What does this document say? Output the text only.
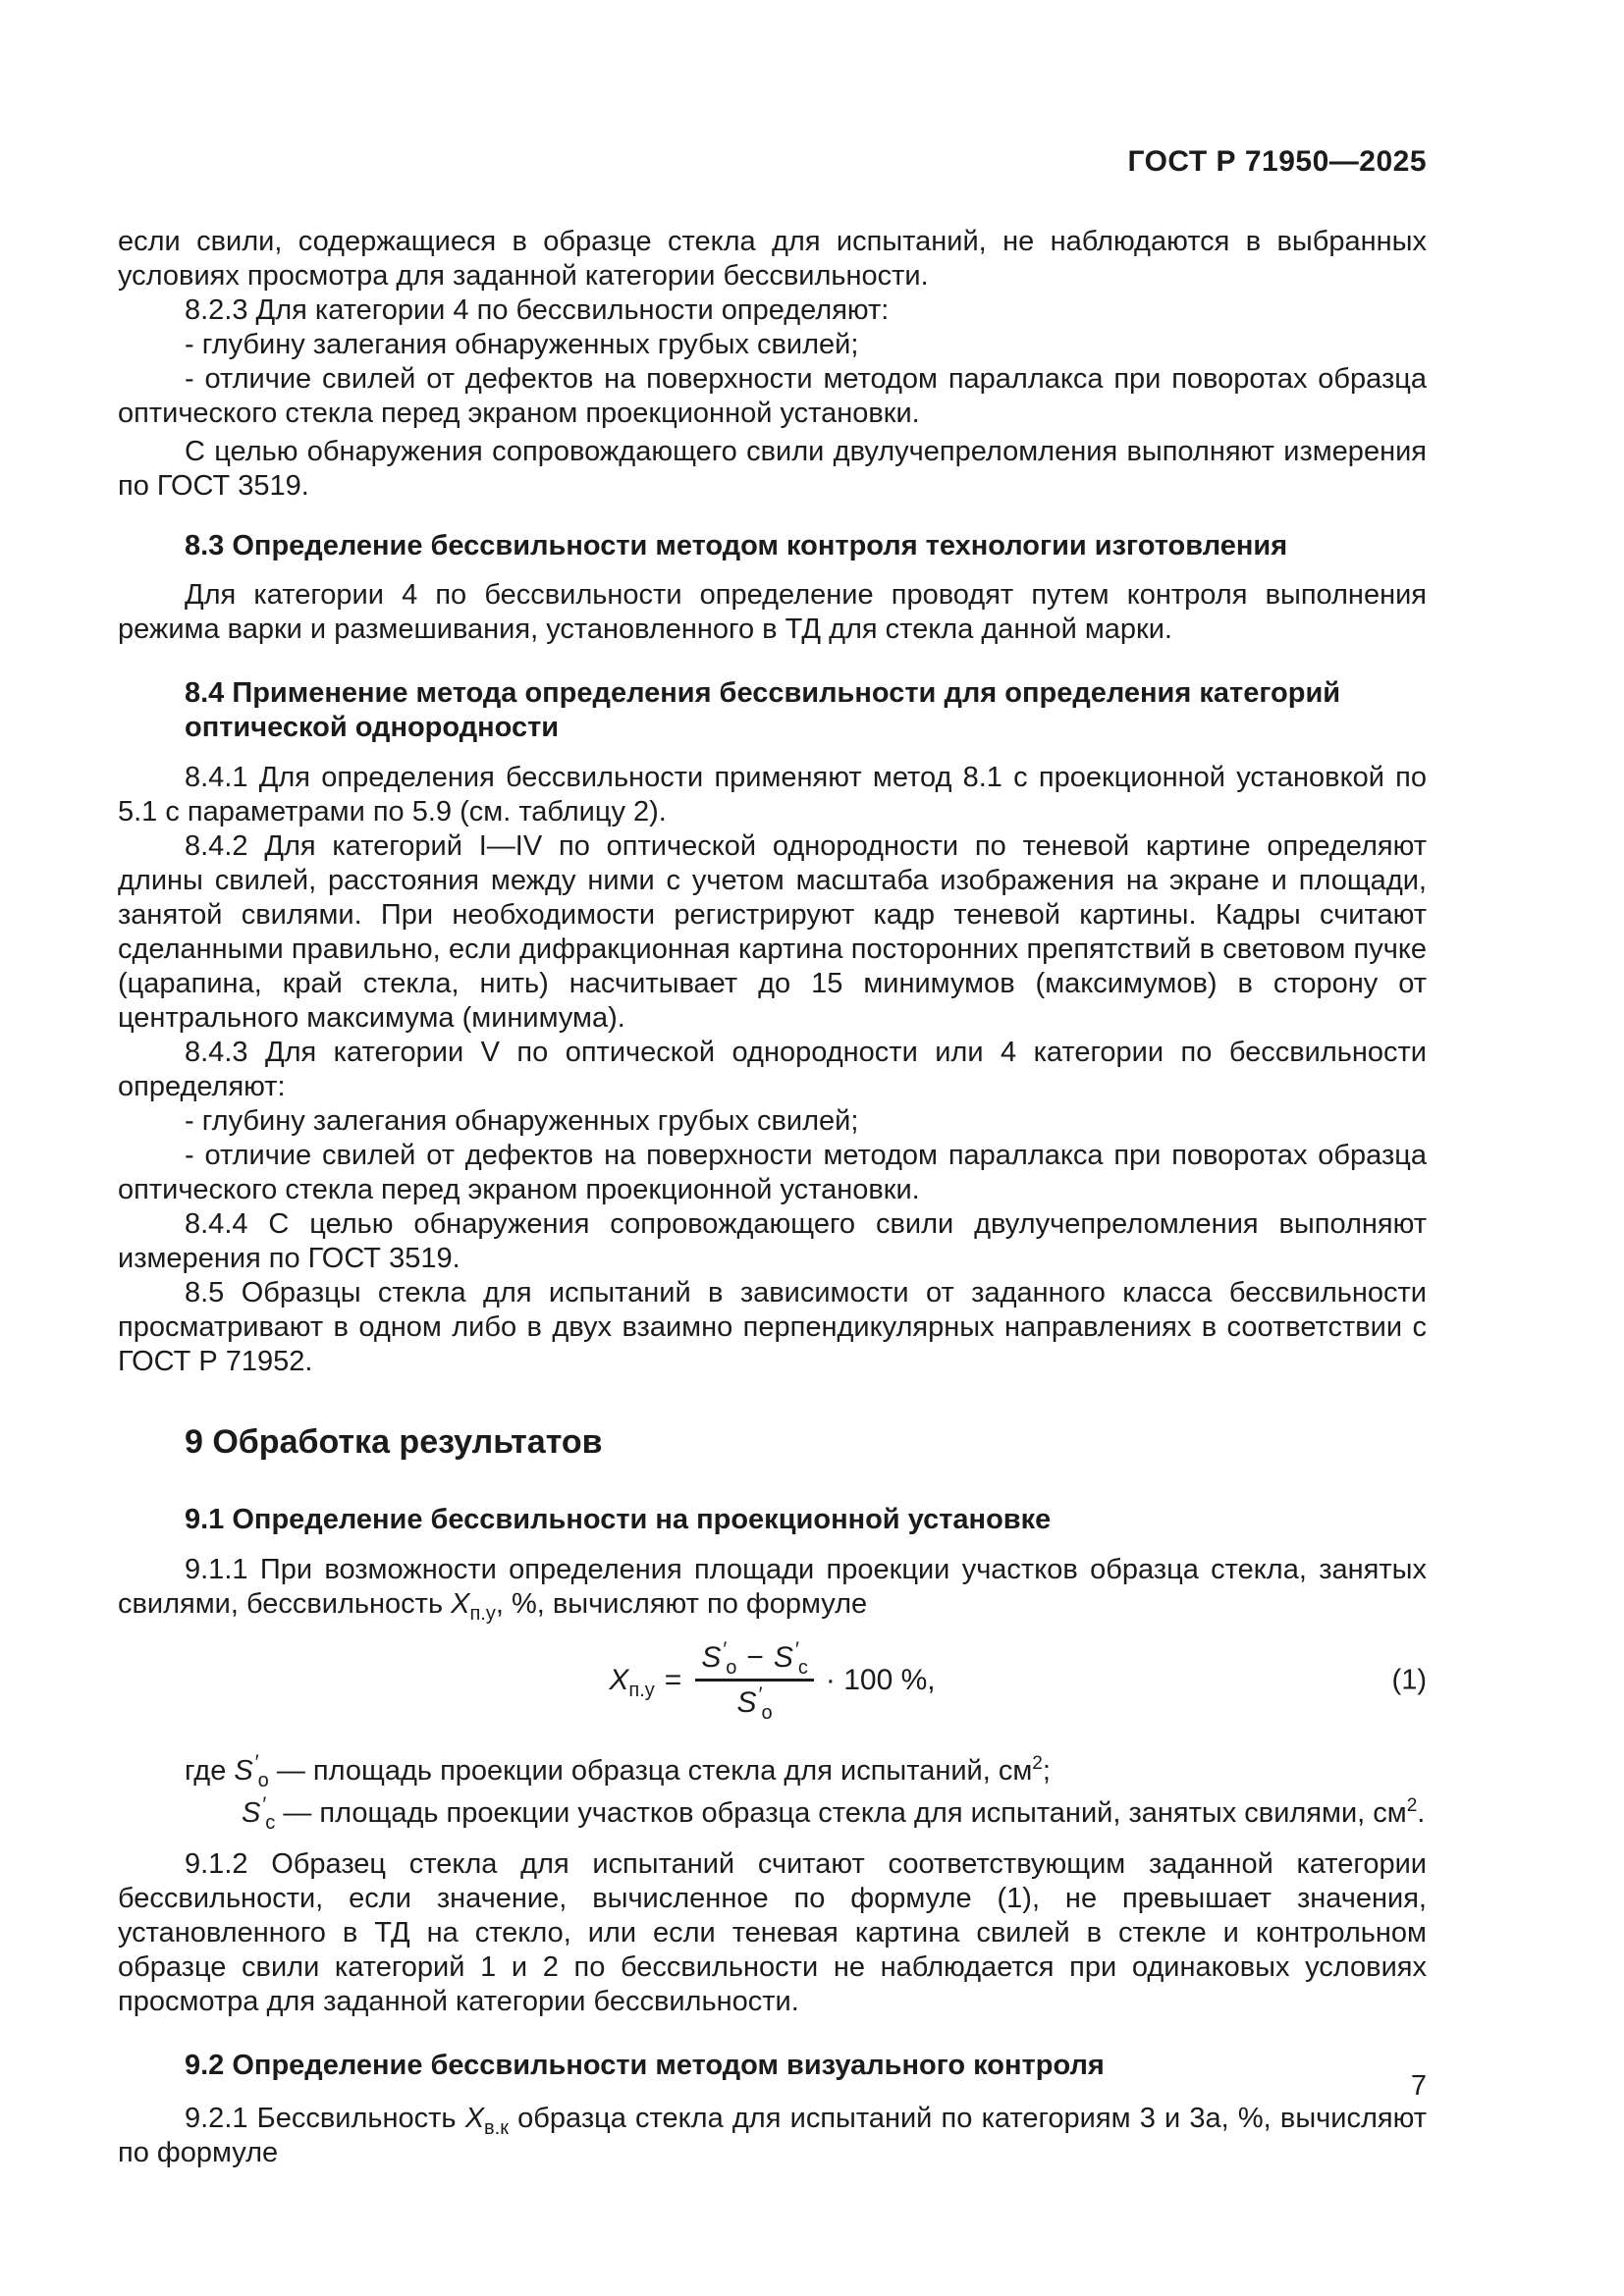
ГОСТ Р 71950—2025

если свили, содержащиеся в образце стекла для испытаний, не наблюдаются в выбранных условиях просмотра для заданной категории бессвильности.

8.2.3 Для категории 4 по бессвильности определяют:

- глубину залегания обнаруженных грубых свилей;

- отличие свилей от дефектов на поверхности методом параллакса при поворотах образца оптического стекла перед экраном проекционной установки.

С целью обнаружения сопровождающего свили двулучепреломления выполняют измерения по ГОСТ 3519.

8.3 Определение бессвильности методом контроля технологии изготовления

Для категории 4 по бессвильности определение проводят путем контроля выполнения режима варки и размешивания, установленного в ТД для стекла данной марки.

8.4 Применение метода определения бессвильности для определения категорий оптической однородности

8.4.1 Для определения бессвильности применяют метод 8.1 с проекционной установкой по 5.1 с параметрами по 5.9 (см. таблицу 2).

8.4.2 Для категорий I—IV по оптической однородности по теневой картине определяют длины свилей, расстояния между ними с учетом масштаба изображения на экране и площади, занятой свилями. При необходимости регистрируют кадр теневой картины. Кадры считают сделанными правильно, если дифракционная картина посторонних препятствий в световом пучке (царапина, край стекла, нить) насчитывает до 15 минимумов (максимумов) в сторону от центрального максимума (минимума).

8.4.3 Для категории V по оптической однородности или 4 категории по бессвильности определяют:

- глубину залегания обнаруженных грубых свилей;

- отличие свилей от дефектов на поверхности методом параллакса при поворотах образца оптического стекла перед экраном проекционной установки.

8.4.4 С целью обнаружения сопровождающего свили двулучепреломления выполняют измерения по ГОСТ 3519.

8.5 Образцы стекла для испытаний в зависимости от заданного класса бессвильности просматривают в одном либо в двух взаимно перпендикулярных направлениях в соответствии с ГОСТ Р 71952.

9 Обработка результатов

9.1 Определение бессвильности на проекционной установке

9.1.1 При возможности определения площади проекции участков образца стекла, занятых свилями, бессвильность $X_{п.у}$, %, вычисляют по формуле

$X_{п.у} = \frac{S'_о - S'_с}{S'_о} \cdot 100$ %,	(1)

где $S'_о$ — площадь проекции образца стекла для испытаний, $см^2$;

$S'_с$ — площадь проекции участков образца стекла для испытаний, занятых свилями, $см^2$.

9.1.2 Образец стекла для испытаний считают соответствующим заданной категории бессвильности, если значение, вычисленное по формуле (1), не превышает значения, установленного в ТД на стекло, или если теневая картина свилей в стекле и контрольном образце свили категорий 1 и 2 по бессвильности не наблюдается при одинаковых условиях просмотра для заданной категории бессвильности.

9.2 Определение бессвильности методом визуального контроля

9.2.1 Бессвильность $X_{в.к}$ образца стекла для испытаний по категориям 3 и 3а, %, вычисляют по формуле

7
